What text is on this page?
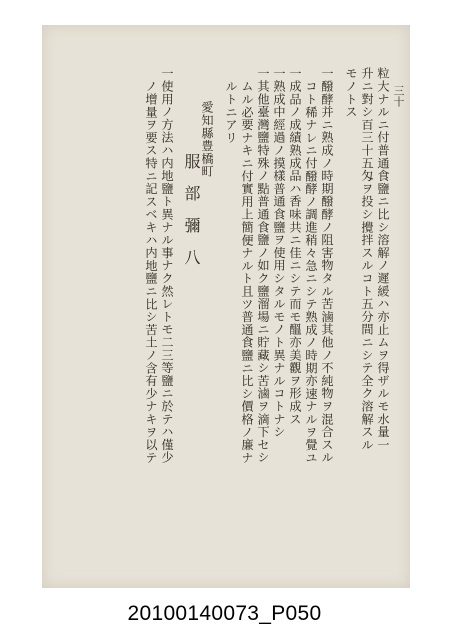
三十
粒大ナルニ付普通食鹽ニ比シ溶解ノ遲緩ハ亦止ムヲ得ザルモ水量一
升ニ對シ百三十五匁ヲ投シ攪拌スルコト五分間ニシテ全ク溶解スル
モノトス
一醱酵并ニ熟成ノ時期醱酵ノ阻害物タル苦滷其他ノ不純物ヲ混合スル
コト稀ナレニ付醱酵ノ調進稍々急ニシテ熟成ノ時期亦速ナルヲ覺ユ
一成品ノ成績熟成品ハ香味共ニ佳ニシテ而モ醞亦美觀ヲ形成ス
一熟成中經過ノ摸樣普通食鹽ヲ使用シタルモノト異ナルコトナシ
一其他臺灣鹽特殊ノ點普通食鹽ノ如ク鹽溜場ニ貯藏シ苦滷ヲ滴下セシ
ムル必要ナキニ付實用上簡便ナルト且ツ普通食鹽ニ比シ價格ノ廉ナ
ルトニアリ
愛知縣豊橋町
服部彌八
一使用ノ方法ハ内地鹽ト異ナル事ナク然レトモ二三等鹽ニ於テハ僅少
ノ增量ヲ要ス特ニ記スベキハ内地鹽ニ比シ苦土ノ含有少ナキヲ以テ
20100140073_P050
